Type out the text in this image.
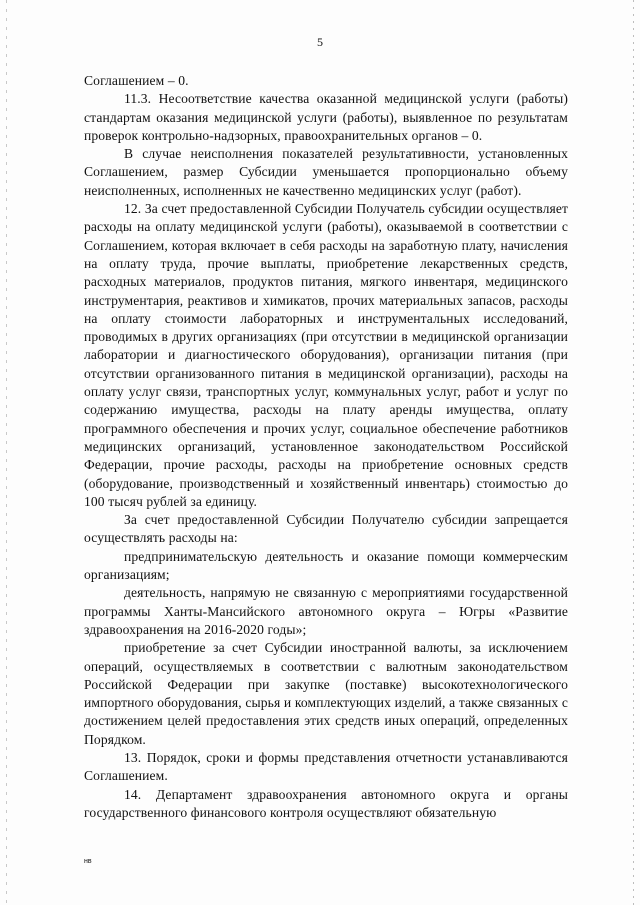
5

Соглашением – 0.

11.3. Несоответствие качества оказанной медицинской услуги (работы) стандартам оказания медицинской услуги (работы), выявленное по результатам проверок контрольно-надзорных, правоохранительных органов – 0.

В случае неисполнения показателей результативности, установленных Соглашением, размер Субсидии уменьшается пропорционально объему неисполненных, исполненных не качественно медицинских услуг (работ).

12. За счет предоставленной Субсидии Получатель субсидии осуществляет расходы на оплату медицинской услуги (работы), оказываемой в соответствии с Соглашением, которая включает в себя расходы на заработную плату, начисления на оплату труда, прочие выплаты, приобретение лекарственных средств, расходных материалов, продуктов питания, мягкого инвентаря, медицинского инструментария, реактивов и химикатов, прочих материальных запасов, расходы на оплату стоимости лабораторных и инструментальных исследований, проводимых в других организациях (при отсутствии в медицинской организации лаборатории и диагностического оборудования), организации питания (при отсутствии организованного питания в медицинской организации), расходы на оплату услуг связи, транспортных услуг, коммунальных услуг, работ и услуг по содержанию имущества, расходы на плату аренды имущества, оплату программного обеспечения и прочих услуг, социальное обеспечение работников медицинских организаций, установленное законодательством Российской Федерации, прочие расходы, расходы на приобретение основных средств (оборудование, производственный и хозяйственный инвентарь) стоимостью до 100 тысяч рублей за единицу.

За счет предоставленной Субсидии Получателю субсидии запрещается осуществлять расходы на:

предпринимательскую деятельность и оказание помощи коммерческим организациям;

деятельность, напрямую не связанную с мероприятиями государственной программы Ханты-Мансийского автономного округа – Югры «Развитие здравоохранения на 2016-2020 годы»;

приобретение за счет Субсидии иностранной валюты, за исключением операций, осуществляемых в соответствии с валютным законодательством Российской Федерации при закупке (поставке) высокотехнологического импортного оборудования, сырья и комплектующих изделий, а также связанных с достижением целей предоставления этих средств иных операций, определенных Порядком.

13. Порядок, сроки и формы представления отчетности устанавливаются Соглашением.

14. Департамент здравоохранения автономного округа и органы государственного финансового контроля осуществляют обязательную

нв
